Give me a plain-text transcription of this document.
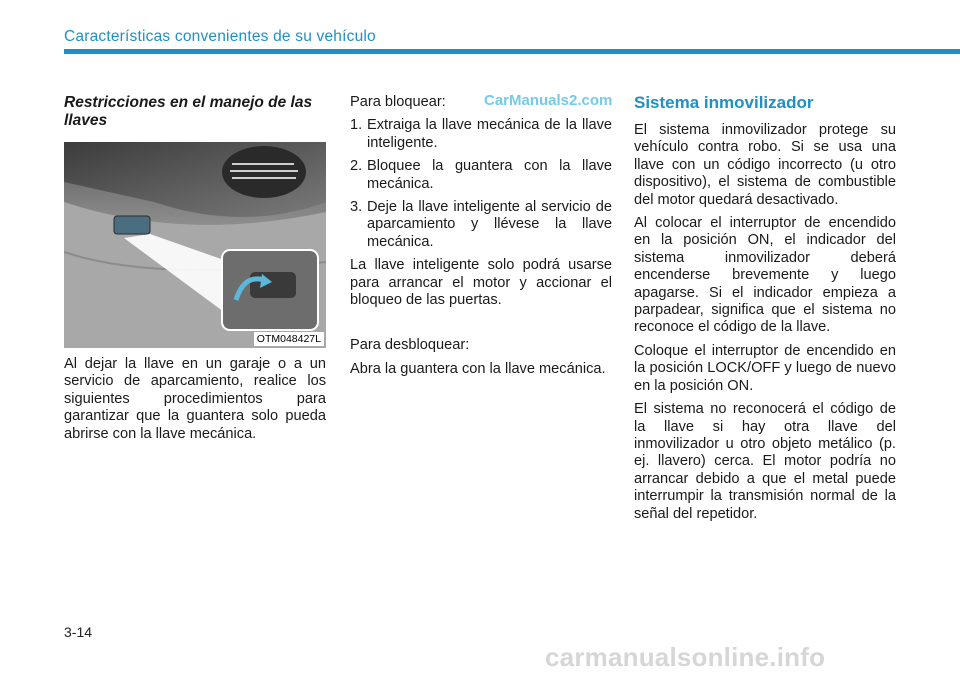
Características convenientes de su vehículo
Restricciones en el manejo de las llaves
OTM048427L

Al dejar la llave en un garaje o a un servicio de aparcamiento, realice los siguientes procedimientos para garantizar que la guantera solo pueda abrirse con la llave mecánica.

Para bloquear:

1. Extraiga la llave mecánica de la llave inteligente.
2. Bloquee la guantera con la llave mecánica.
3. Deje la llave inteligente al servicio de aparcamiento y llévese la llave mecánica.

La llave inteligente solo podrá usarse para arrancar el motor y accionar el bloqueo de las puertas.

Para desbloquear:

Abra la guantera con la llave mecánica.

Sistema inmovilizador

El sistema inmovilizador protege su vehículo contra robo. Si se usa una llave con un código incorrecto (u otro dispositivo), el sistema de combustible del motor quedará desactivado.

Al colocar el interruptor de encendido en la posición ON, el indicador del sistema inmovilizador deberá encenderse brevemente y luego apagarse. Si el indicador empieza a parpadear, significa que el sistema no reconoce el código de la llave.

Coloque el interruptor de encendido en la posición LOCK/OFF y luego de nuevo en la posición ON.

El sistema no reconocerá el código de la llave si hay otra llave del inmovilizador u otro objeto metálico (p. ej. llavero) cerca. El motor podría no arrancar debido a que el metal puede interrumpir la transmisión normal de la señal del repetidor.

CarManuals2.com
3-14
carmanualsonline.info
